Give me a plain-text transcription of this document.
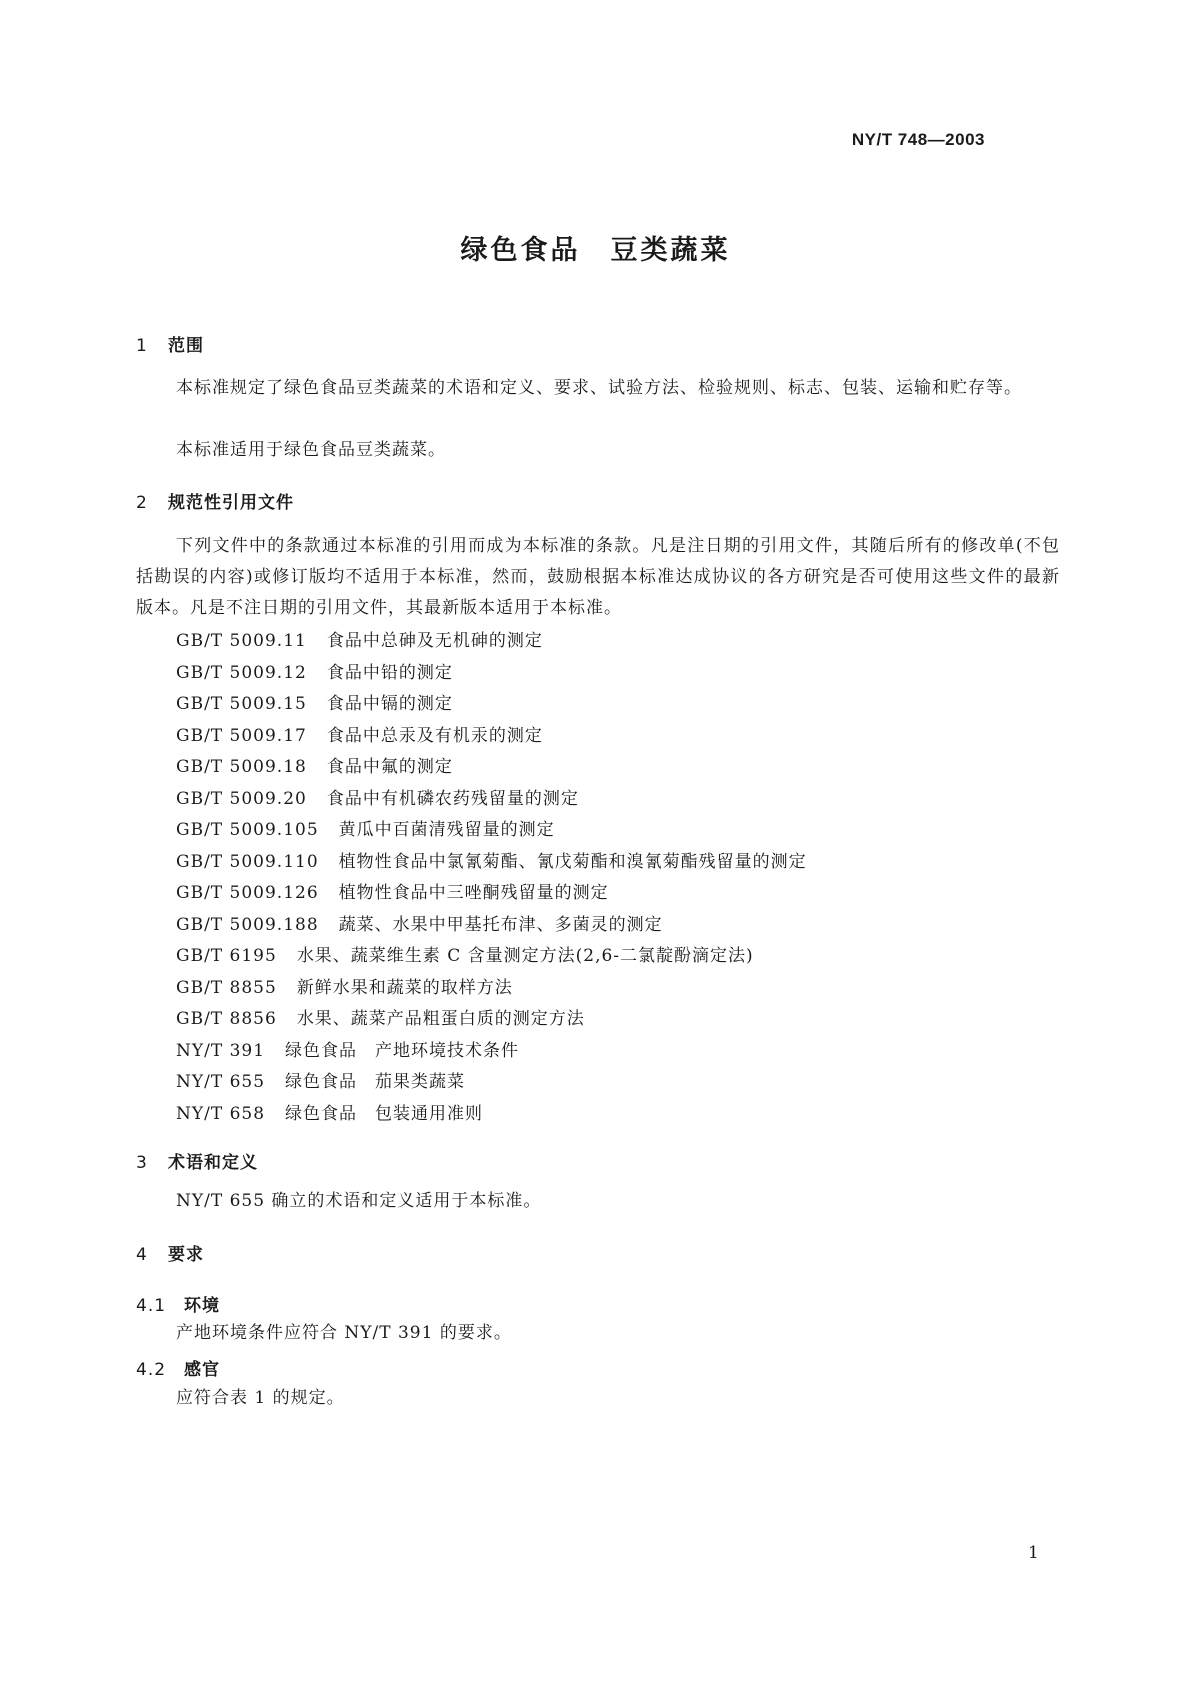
NY/T 748—2003
绿色食品　豆类蔬菜
1 范围
本标准规定了绿色食品豆类蔬菜的术语和定义、要求、试验方法、检验规则、标志、包装、运输和贮存等。
本标准适用于绿色食品豆类蔬菜。
2 规范性引用文件
下列文件中的条款通过本标准的引用而成为本标准的条款。凡是注日期的引用文件，其随后所有的修改单(不包括勘误的内容)或修订版均不适用于本标准，然而，鼓励根据本标准达成协议的各方研究是否可使用这些文件的最新版本。凡是不注日期的引用文件，其最新版本适用于本标准。
GB/T 5009.11 食品中总砷及无机砷的测定
GB/T 5009.12 食品中铅的测定
GB/T 5009.15 食品中镉的测定
GB/T 5009.17 食品中总汞及有机汞的测定
GB/T 5009.18 食品中氟的测定
GB/T 5009.20 食品中有机磷农药残留量的测定
GB/T 5009.105 黄瓜中百菌清残留量的测定
GB/T 5009.110 植物性食品中氯氰菊酯、氰戊菊酯和溴氰菊酯残留量的测定
GB/T 5009.126 植物性食品中三唑酮残留量的测定
GB/T 5009.188 蔬菜、水果中甲基托布津、多菌灵的测定
GB/T 6195 水果、蔬菜维生素 C 含量测定方法(2,6-二氯靛酚滴定法)
GB/T 8855 新鲜水果和蔬菜的取样方法
GB/T 8856 水果、蔬菜产品粗蛋白质的测定方法
NY/T 391 绿色食品　产地环境技术条件
NY/T 655 绿色食品　茄果类蔬菜
NY/T 658 绿色食品　包装通用准则
3 术语和定义
NY/T 655 确立的术语和定义适用于本标准。
4 要求
4.1 环境
产地环境条件应符合 NY/T 391 的要求。
4.2 感官
应符合表 1 的规定。
1
